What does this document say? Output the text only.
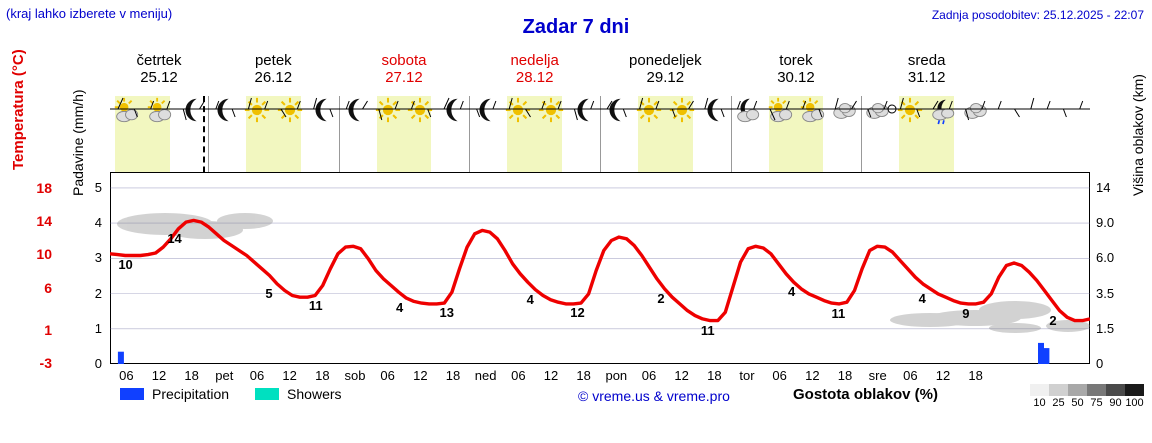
(kraj lahko izberete v meniju)
Zadar 7 dni
Zadnja posodobitev: 25.12.2025 - 22:07
Temperatura (°C)	Padavine (mm/h)	Višina oblakov (km)
četrtek
25.12
petek
26.12
sobota
27.12
nedelja
28.12
ponedeljek
29.12
torek
30.12
sreda
31.12
10
14
5
11	4	13
4
12
2
11
4
11
4
9	2
06	12	18	pet	06	12	18	sob	06	12	18	ned	06	12	18	pon	06	12	18	tor	06	12	18	sre	06	12	18
18
14
10
6
1
-3
5
4
3
2
1
0
14
9.0
6.0
3.5
1.5
0
Precipitation	Showers	© vreme.us & vreme.pro	Gostota oblakov (%)	10 25 50 75 90 100
